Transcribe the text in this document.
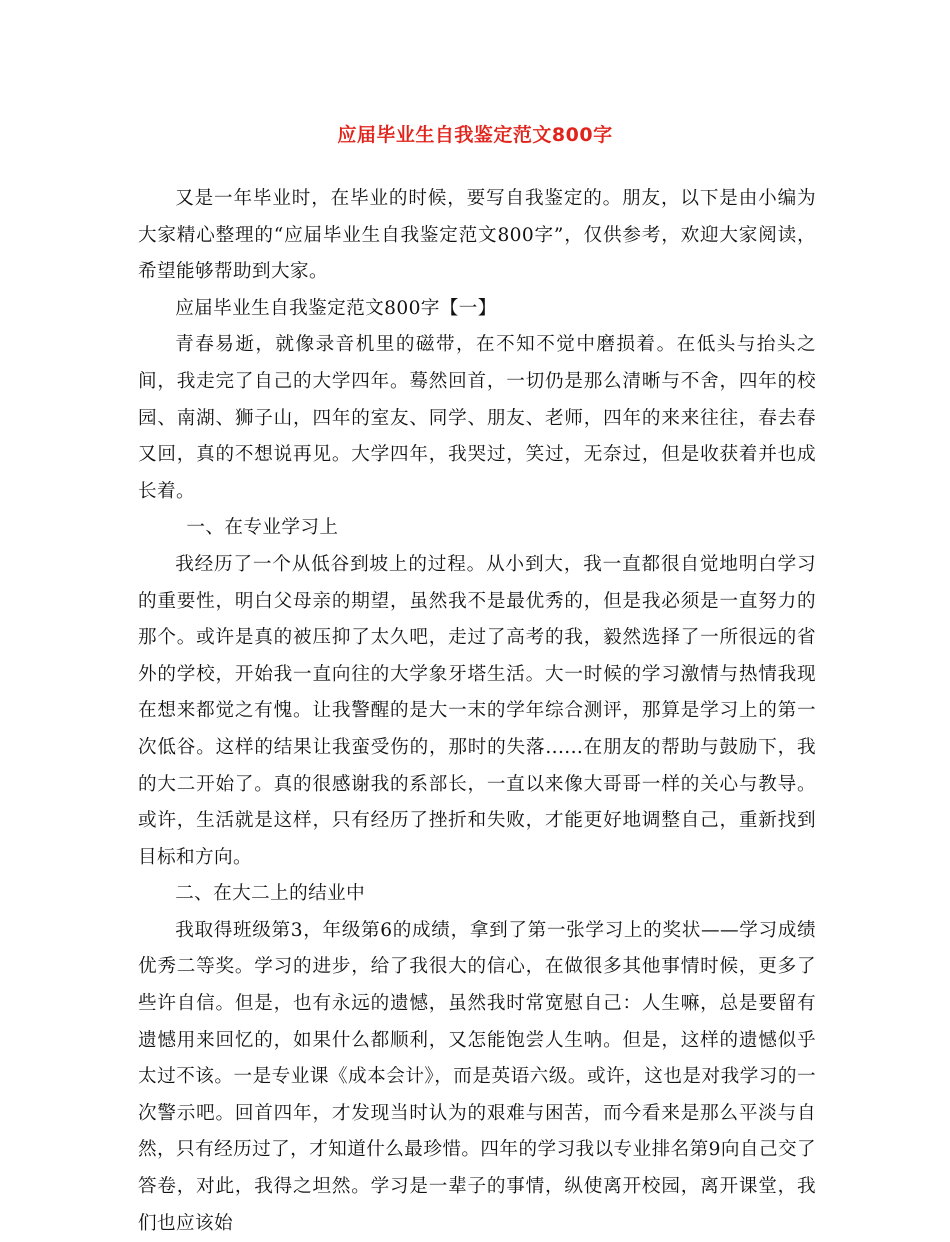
应届毕业生自我鉴定范文800字

又是一年毕业时，在毕业的时候，要写自我鉴定的。朋友，以下是由小编为大家精心整理的“应届毕业生自我鉴定范文800字”，仅供参考，欢迎大家阅读，希望能够帮助到大家。

应届毕业生自我鉴定范文800字【一】

青春易逝，就像录音机里的磁带，在不知不觉中磨损着。在低头与抬头之间，我走完了自己的大学四年。蓦然回首，一切仍是那么清晰与不舍，四年的校园、南湖、狮子山，四年的室友、同学、朋友、老师，四年的来来往往，春去春又回，真的不想说再见。大学四年，我哭过，笑过，无奈过，但是收获着并也成长着。

一、在专业学习上

我经历了一个从低谷到坡上的过程。从小到大，我一直都很自觉地明白学习的重要性，明白父母亲的期望，虽然我不是最优秀的，但是我必须是一直努力的那个。或许是真的被压抑了太久吧，走过了高考的我，毅然选择了一所很远的省外的学校，开始我一直向往的大学象牙塔生活。大一时候的学习激情与热情我现在想来都觉之有愧。让我警醒的是大一末的学年综合测评，那算是学习上的第一次低谷。这样的结果让我蛮受伤的，那时的失落......在朋友的帮助与鼓励下，我的大二开始了。真的很感谢我的系部长，一直以来像大哥哥一样的关心与教导。或许，生活就是这样，只有经历了挫折和失败，才能更好地调整自己，重新找到目标和方向。

二、在大二上的结业中

我取得班级第3，年级第6的成绩，拿到了第一张学习上的奖状——学习成绩优秀二等奖。学习的进步，给了我很大的信心，在做很多其他事情时候，更多了些许自信。但是，也有永远的遗憾，虽然我时常宽慰自己：人生嘛，总是要留有遗憾用来回忆的，如果什么都顺利，又怎能饱尝人生呐。但是，这样的遗憾似乎太过不该。一是专业课《成本会计》，而是英语六级。或许，这也是对我学习的一次警示吧。回首四年，才发现当时认为的艰难与困苦，而今看来是那么平淡与自然，只有经历过了，才知道什么最珍惜。四年的学习我以专业排名第9向自己交了答卷，对此，我得之坦然。学习是一辈子的事情，纵使离开校园，离开课堂，我们也应该始
